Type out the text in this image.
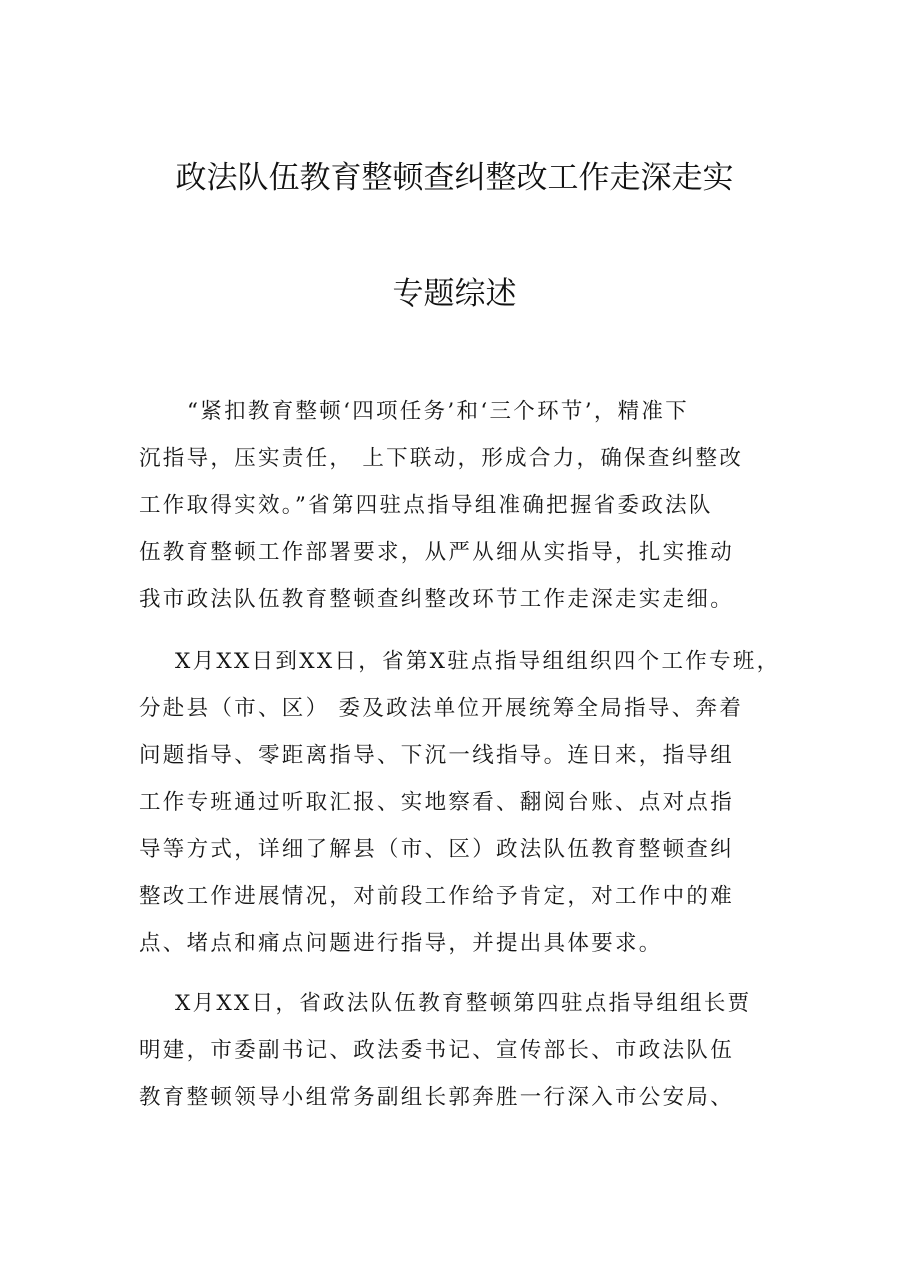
政法队伍教育整顿查纠整改工作走深走实
专题综述
“紧扣教育整顿‘四项任务’和‘三个环节’，精准下
沉指导，压实责任， 上下联动，形成合力，确保查纠整改
工作取得实效。”省第四驻点指导组准确把握省委政法队
伍教育整顿工作部署要求，从严从细从实指导，扎实推动
我市政法队伍教育整顿查纠整改环节工作走深走实走细。
X月XX日到XX日，省第X驻点指导组组织四个工作专班，
分赴县（市、区） 委及政法单位开展统筹全局指导、奔着
问题指导、零距离指导、下沉一线指导。连日来，指导组
工作专班通过听取汇报、实地察看、翻阅台账、点对点指
导等方式，详细了解县（市、区）政法队伍教育整顿查纠
整改工作进展情况，对前段工作给予肯定，对工作中的难
点、堵点和痛点问题进行指导，并提出具体要求。
X月XX日，省政法队伍教育整顿第四驻点指导组组长贾
明建，市委副书记、政法委书记、宣传部长、市政法队伍
教育整顿领导小组常务副组长郭奔胜一行深入市公安局、
